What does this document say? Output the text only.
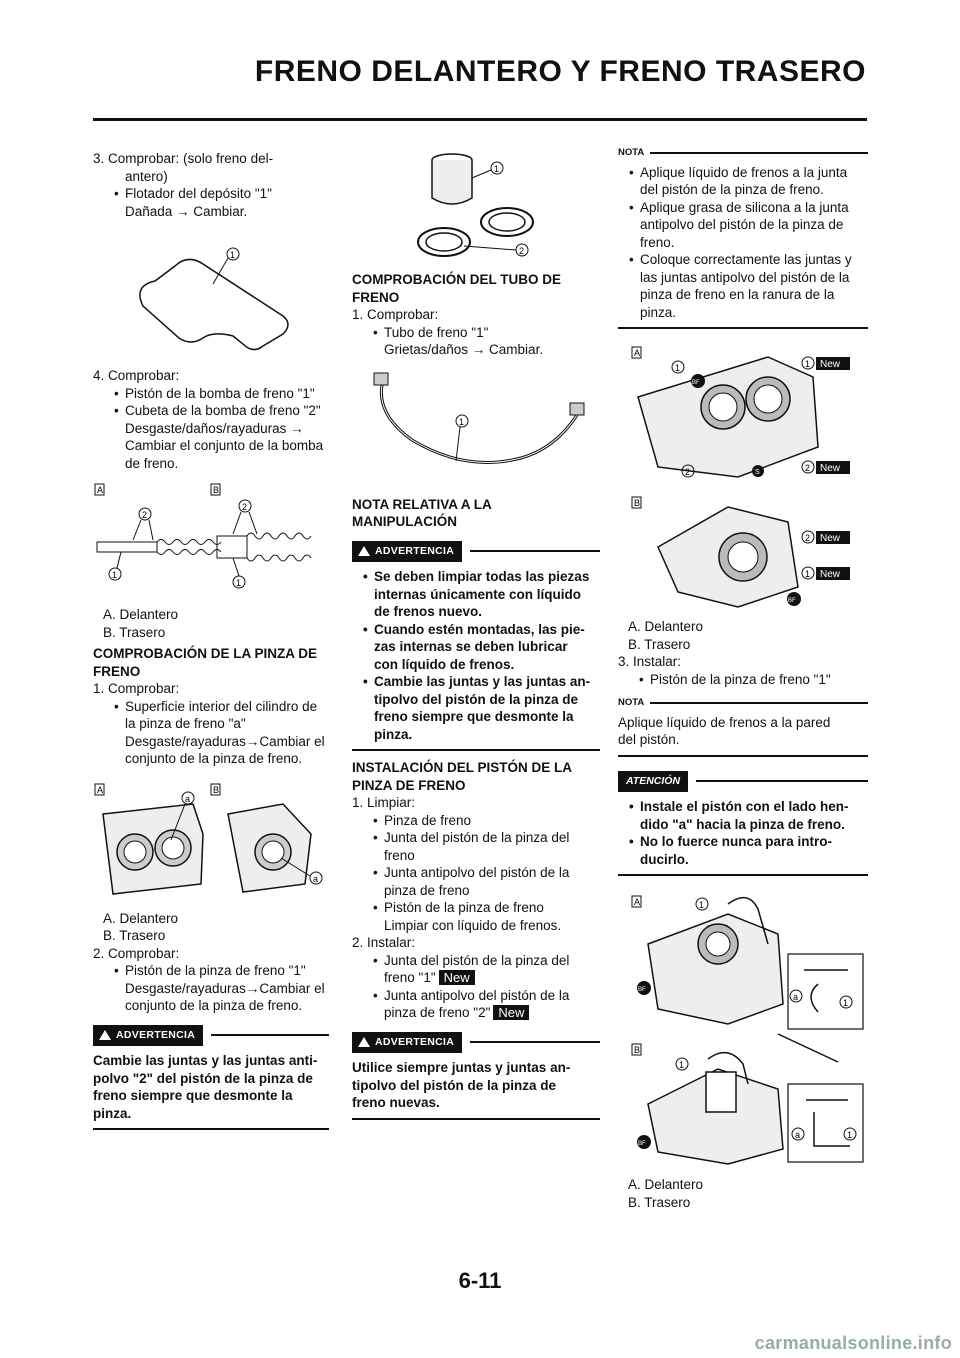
FRENO DELANTERO Y FRENO TRASERO
3. Comprobar: (solo freno del-
antero)
• Flotador del depósito "1"
Dañada → Cambiar.
1
4. Comprobar:
• Pistón de la bomba de freno "1"
• Cubeta de la bomba de freno "2"
Desgaste/daños/rayaduras →
Cambiar el conjunto de la bomba
de freno.
A	B
2
1
2
1
A. Delantero
B. Trasero
COMPROBACIÓN DE LA PINZA DE
FRENO
1. Comprobar:
• Superficie interior del cilindro de
la pinza de freno "a"
Desgaste/rayaduras→Cambiar el
conjunto de la pinza de freno.
A	B
a
a
A. Delantero
B. Trasero
2. Comprobar:
• Pistón de la pinza de freno "1"
Desgaste/rayaduras→Cambiar el
conjunto de la pinza de freno.
ADVERTENCIA
Cambie las juntas y las juntas anti-
polvo "2" del pistón de la pinza de
freno siempre que desmonte la
pinza.
1
2
COMPROBACIÓN DEL TUBO DE
FRENO
1. Comprobar:
• Tubo de freno "1"
Grietas/daños → Cambiar.
1
NOTA RELATIVA A LA
MANIPULACIÓN
ADVERTENCIA
• Se deben limpiar todas las piezas
internas únicamente con líquido
de frenos nuevo.
• Cuando estén montadas, las pie-
zas internas se deben lubricar
con líquido de frenos.
• Cambie las juntas y las juntas an-
tipolvo del pistón de la pinza de
freno siempre que desmonte la
pinza.
INSTALACIÓN DEL PISTÓN DE LA
PINZA DE FRENO
1. Limpiar:
• Pinza de freno
• Junta del pistón de la pinza del
freno
• Junta antipolvo del pistón de la
pinza de freno
• Pistón de la pinza de freno
Limpiar con líquido de frenos.
2. Instalar:
• Junta del pistón de la pinza del
freno "1" New
• Junta antipolvo del pistón de la
pinza de freno "2" New
ADVERTENCIA
Utilice siempre juntas y juntas an-
tipolvo del pistón de la pinza de
freno nuevas.
NOTA
• Aplique líquido de frenos a la junta
del pistón de la pinza de freno.
• Aplique grasa de silicona a la junta
antipolvo del pistón de la pinza de
freno.
• Coloque correctamente las juntas y
las juntas antipolvo del pistón de la
pinza de freno en la ranura de la
pinza.
A
1
BF
1 New
2	S	2 New
B
2 New
1 New
BF
A. Delantero
B. Trasero
3. Instalar:
• Pistón de la pinza de freno "1"
NOTA
Aplique líquido de frenos a la pared
del pistón.
ATENCIÓN
• Instale el pistón con el lado hen-
dido "a" hacia la pinza de freno.
• No lo fuerce nunca para intro-
ducirlo.
A	1
BF
a
1
B
1
BF
a	1
A. Delantero
B. Trasero
6-11
carmanualsonline.info
